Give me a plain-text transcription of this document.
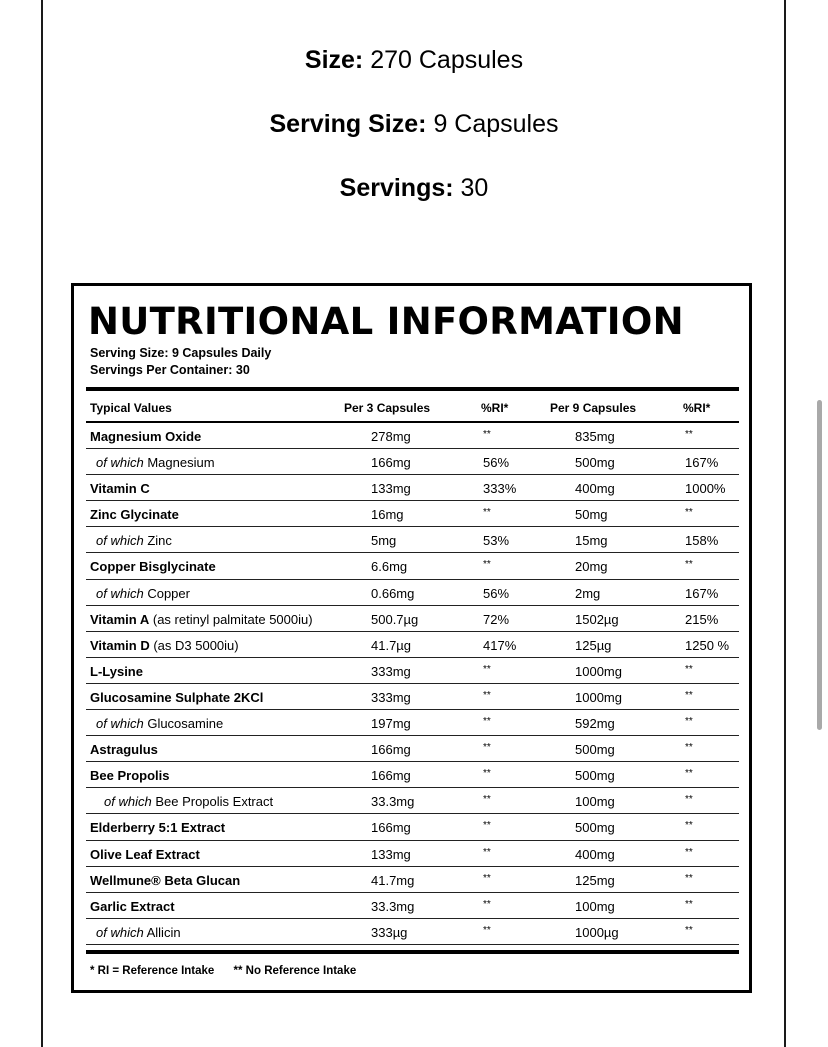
Size: 270 Capsules
Serving Size: 9 Capsules
Servings: 30
NUTRITIONAL INFORMATION
Serving Size: 9 Capsules Daily
Servings Per Container: 30
Typical Values	Per 3 Capsules	%RI*	Per 9 Capsules	%RI*
Magnesium Oxide	278mg	**	835mg	**
of which Magnesium	166mg	56%	500mg	167%
Vitamin C	133mg	333%	400mg	1000%
Zinc Glycinate	16mg	**	50mg	**
of which Zinc	5mg	53%	15mg	158%
Copper Bisglycinate	6.6mg	**	20mg	**
of which Copper	0.66mg	56%	2mg	167%
Vitamin A (as retinyl palmitate 5000iu)	500.7µg	72%	1502µg	215%
Vitamin D (as D3 5000iu)	41.7µg	417%	125µg	1250 %
L-Lysine	333mg	**	1000mg	**
Glucosamine Sulphate 2KCl	333mg	**	1000mg	**
of which Glucosamine	197mg	**	592mg	**
Astragulus	166mg	**	500mg	**
Bee Propolis	166mg	**	500mg	**
of which Bee Propolis Extract	33.3mg	**	100mg	**
Elderberry 5:1 Extract	166mg	**	500mg	**
Olive Leaf Extract	133mg	**	400mg	**
Wellmune® Beta Glucan	41.7mg	**	125mg	**
Garlic Extract	33.3mg	**	100mg	**
of which Allicin	333µg	**	1000µg	**
* RI = Reference Intake ** No Reference Intake
